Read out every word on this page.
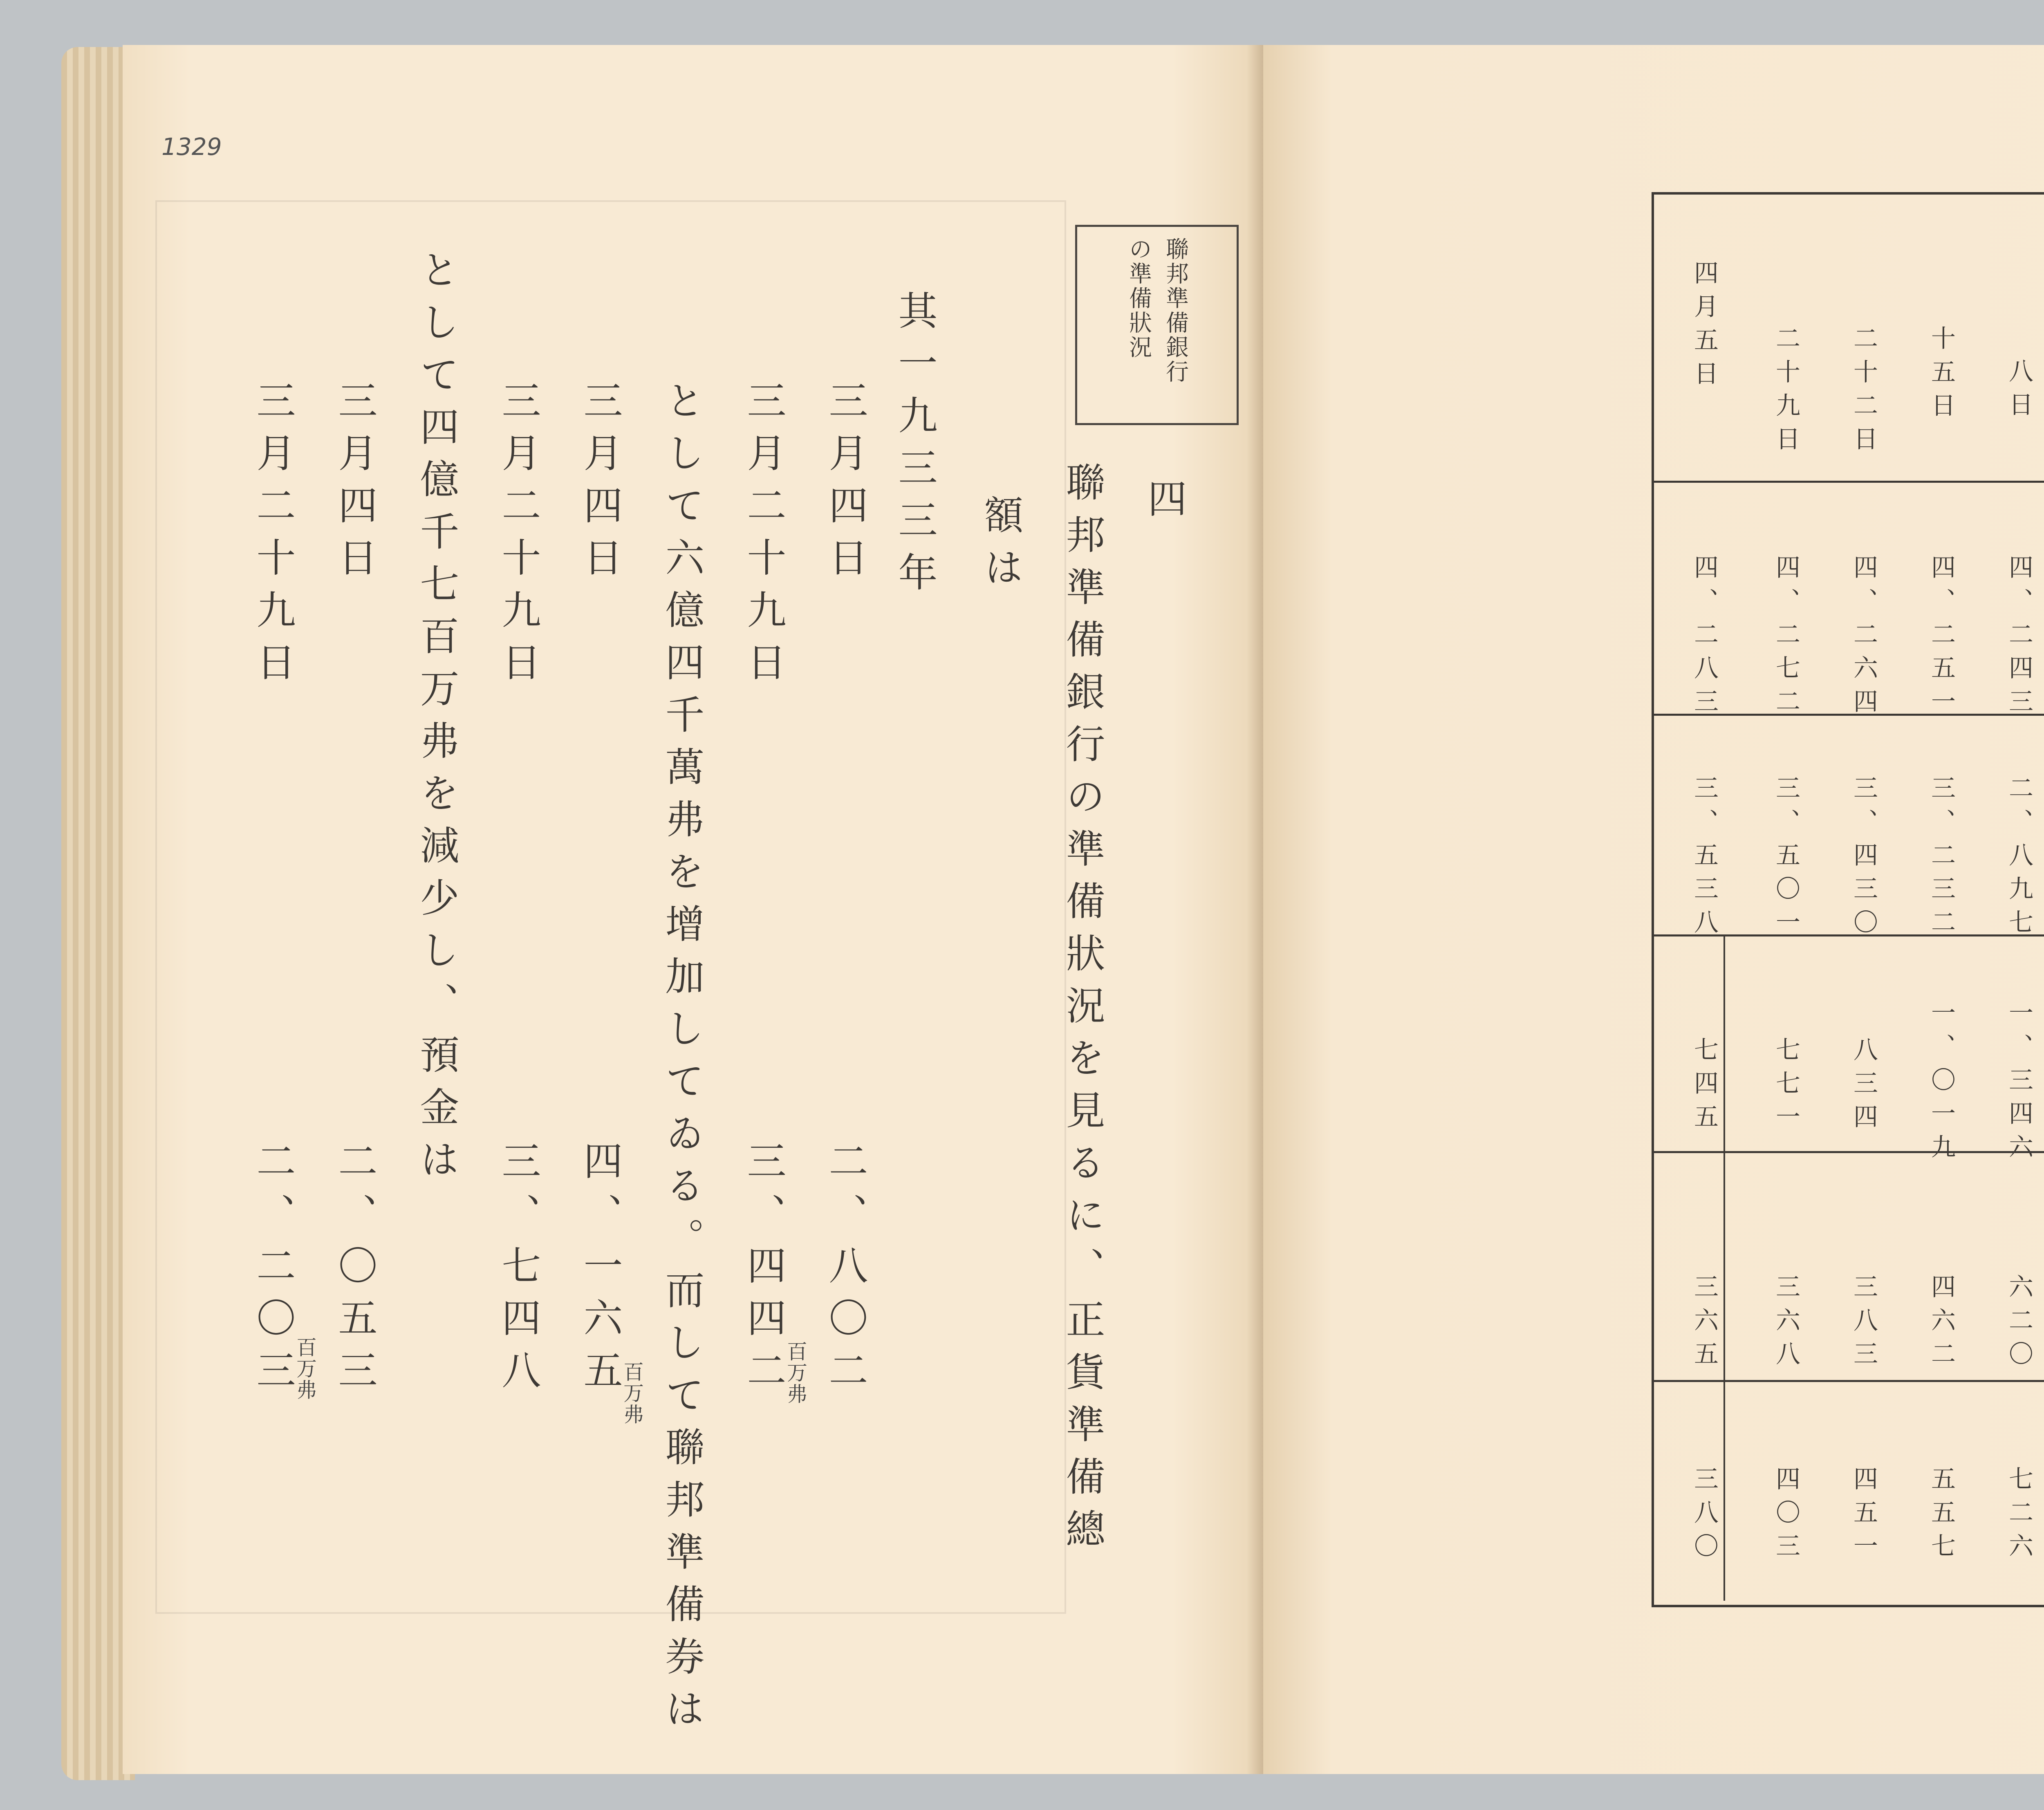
1329
聯邦準備銀行
の準備狀況
四
聯邦準備銀行の準備狀況を見るに、正貨準備總
額は
其一九三三年
三月四日
三月二十九日
として六億四千萬弗を增加してゐる。而して聯邦準備券は
三月四日
三月二十九日
として四億千七百万弗を減少し、預金は
三月四日
三月二十九日
二、八〇二
百万弗
三、四四二
四、一六五
百万弗
三、七四八
二、〇五三
百万弗
二、二〇三
八日
四、二四三
二、八九七
一、三四六
六二〇
七二六
十五日
四、二五一
三、二三二
一、〇一九
四六二
五五七
二十二日
四、二六四
三、四三〇
八三四
三八三
四五一
二十九日
四、二七二
三、五〇一
七七一
三六八
四〇三
四月五日
四、二八三
三、五三八
七四五
三六五
三八〇
